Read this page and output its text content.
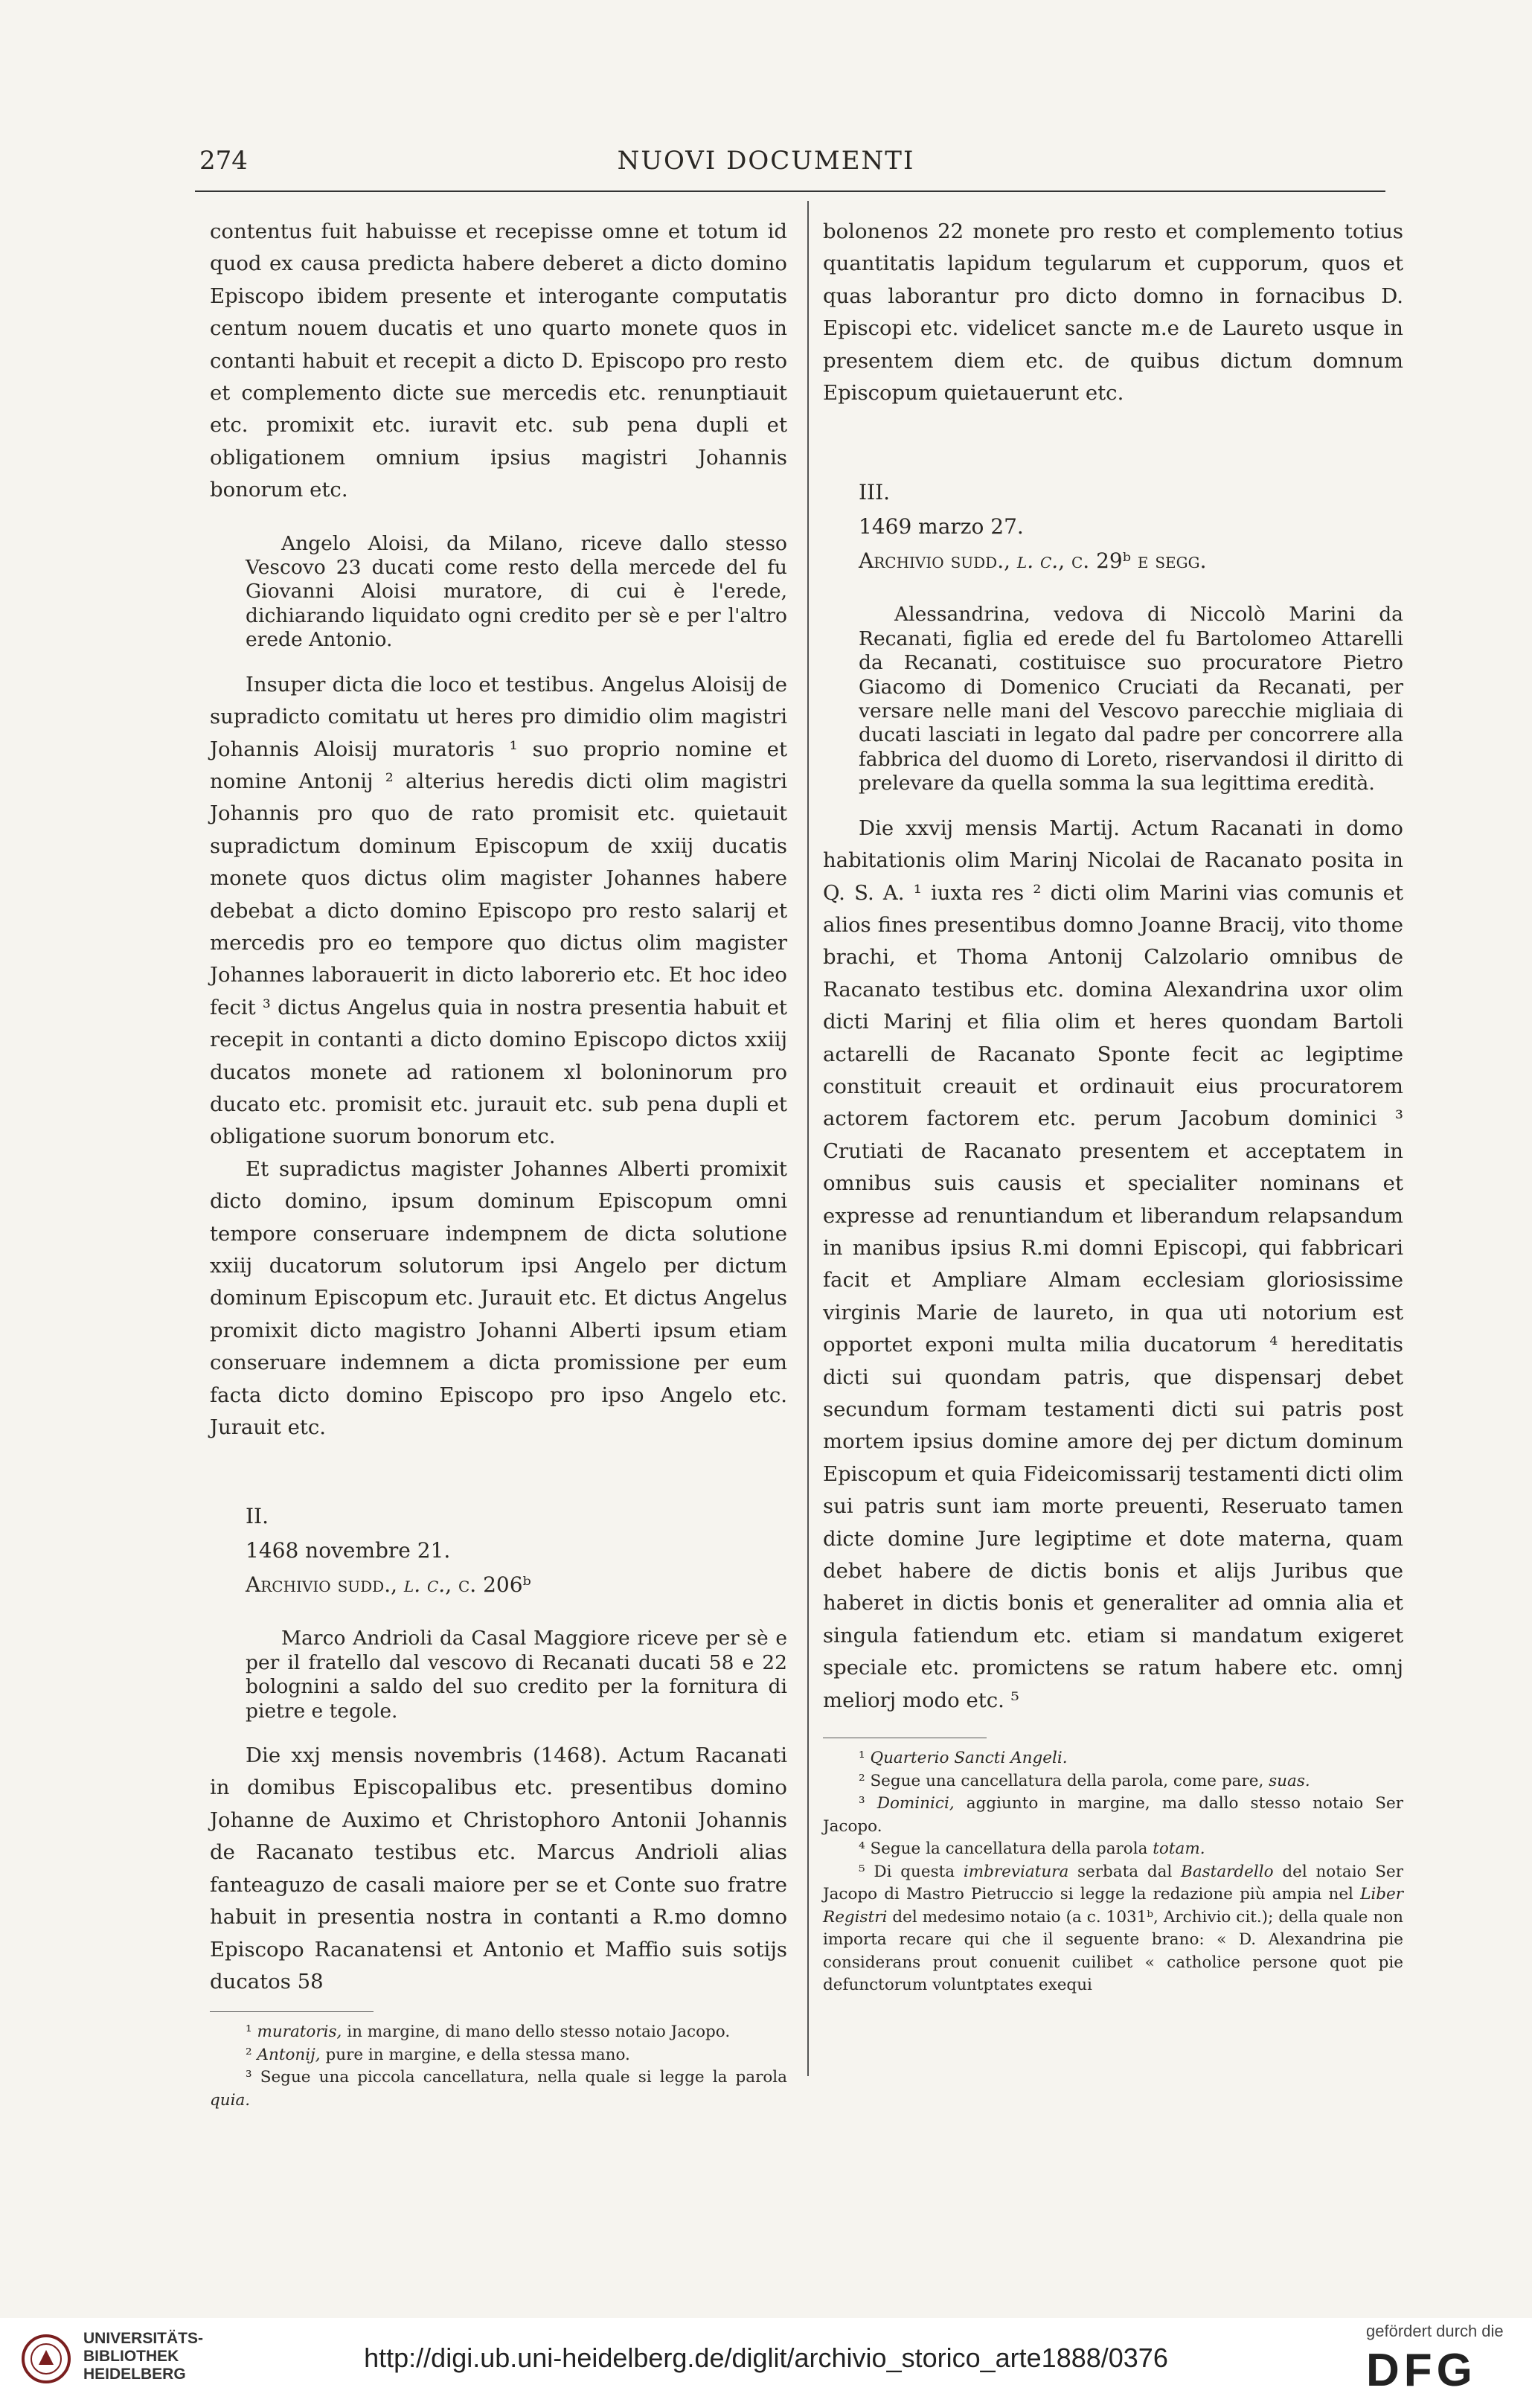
274	NUOVI DOCUMENTI

contentus fuit habuisse et recepisse omne et totum id quod ex causa predicta habere deberet a dicto domino Episcopo ibidem presente et interogante computatis centum nouem ducatis et uno quarto monete quos in contanti habuit et recepit a dicto D. Episcopo pro resto et complemento dicte sue mercedis etc. renunptiauit etc. promixit etc. iuravit etc. sub pena dupli et obligationem omnium ipsius magistri Johannis bonorum etc.

Angelo Aloisi, da Milano, riceve dallo stesso Vescovo 23 ducati come resto della mercede del fu Giovanni Aloisi muratore, di cui è l'erede, dichiarando liquidato ogni credito per sè e per l'altro erede Antonio.

Insuper dicta die loco et testibus. Angelus Aloisij de supradicto comitatu ut heres pro dimidio olim magistri Johannis Aloisij muratoris ¹ suo proprio nomine et nomine Antonij ² alterius heredis dicti olim magistri Johannis pro quo de rato promisit etc. quietauit supradictum dominum Episcopum de xxiij ducatis monete quos dictus olim magister Johannes habere debebat a dicto domino Episcopo pro resto salarij et mercedis pro eo tempore quo dictus olim magister Johannes laborauerit in dicto laborerio etc. Et hoc ideo fecit ³ dictus Angelus quia in nostra presentia habuit et recepit in contanti a dicto domino Episcopo dictos xxiij ducatos monete ad rationem xl boloninorum pro ducato etc. promisit etc. jurauit etc. sub pena dupli et obligatione suorum bonorum etc.

Et supradictus magister Johannes Alberti promixit dicto domino, ipsum dominum Episcopum omni tempore conseruare indempnem de dicta solutione xxiij ducatorum solutorum ipsi Angelo per dictum dominum Episcopum etc. Jurauit etc. Et dictus Angelus promixit dicto magistro Johanni Alberti ipsum etiam conseruare indemnem a dicta promissione per eum facta dicto domino Episcopo pro ipso Angelo etc. Jurauit etc.

II.

1468 novembre 21.

Archivio sudd., l. c., c. 206ᵇ

Marco Andrioli da Casal Maggiore riceve per sè e per il fratello dal vescovo di Recanati ducati 58 e 22 bolognini a saldo del suo credito per la fornitura di pietre e tegole.

Die xxj mensis novembris (1468). Actum Racanati in domibus Episcopalibus etc. presentibus domino Johanne de Auximo et Christophoro Antonii Johannis de Racanato testibus etc. Marcus Andrioli alias fanteaguzo de casali maiore per se et Conte suo fratre habuit in presentia nostra in contanti a R.mo domno Episcopo Racanatensi et Antonio et Maffio suis sotijs ducatos 58

¹ muratoris, in margine, di mano dello stesso notaio Jacopo.

² Antonij, pure in margine, e della stessa mano.

³ Segue una piccola cancellatura, nella quale si legge la parola quia.

bolonenos 22 monete pro resto et complemento totius quantitatis lapidum tegularum et cupporum, quos et quas laborantur pro dicto domno in fornacibus D. Episcopi etc. videlicet sancte m.e de Laureto usque in presentem diem etc. de quibus dictum domnum Episcopum quietauerunt etc.

III.

1469 marzo 27.

Archivio sudd., l. c., c. 29ᵇ e segg.

Alessandrina, vedova di Niccolò Marini da Recanati, figlia ed erede del fu Bartolomeo Attarelli da Recanati, costituisce suo procuratore Pietro Giacomo di Domenico Cruciati da Recanati, per versare nelle mani del Vescovo parecchie migliaia di ducati lasciati in legato dal padre per concorrere alla fabbrica del duomo di Loreto, riservandosi il diritto di prelevare da quella somma la sua legittima eredità.

Die xxvij mensis Martij. Actum Racanati in domo habitationis olim Marinj Nicolai de Racanato posita in Q. S. A. ¹ iuxta res ² dicti olim Marini vias comunis et alios fines presentibus domno Joanne Bracij, vito thome brachi, et Thoma Antonij Calzolario omnibus de Racanato testibus etc. domina Alexandrina uxor olim dicti Marinj et filia olim et heres quondam Bartoli actarelli de Racanato Sponte fecit ac legiptime constituit creauit et ordinauit eius procuratorem actorem factorem etc. perum Jacobum dominici ³ Crutiati de Racanato presentem et acceptatem in omnibus suis causis et specialiter nominans et expresse ad renuntiandum et liberandum relapsandum in manibus ipsius R.mi domni Episcopi, qui fabbricari facit et Ampliare Almam ecclesiam gloriosissime virginis Marie de laureto, in qua uti notorium est opportet exponi multa milia ducatorum ⁴ hereditatis dicti sui quondam patris, que dispensarj debet secundum formam testamenti dicti sui patris post mortem ipsius domine amore dej per dictum dominum Episcopum et quia Fideicomissarij testamenti dicti olim sui patris sunt iam morte preuenti, Reseruato tamen dicte domine Jure legiptime et dote materna, quam debet habere de dictis bonis et alijs Juribus que haberet in dictis bonis et generaliter ad omnia alia et singula fatiendum etc. etiam si mandatum exigeret speciale etc. promictens se ratum habere etc. omnj meliorj modo etc. ⁵

¹ Quarterio Sancti Angeli.

² Segue una cancellatura della parola, come pare, suas.

³ Dominici, aggiunto in margine, ma dallo stesso notaio Ser Jacopo.

⁴ Segue la cancellatura della parola totam.

⁵ Di questa imbreviatura serbata dal Bastardello del notaio Ser Jacopo di Mastro Pietruccio si legge la redazione più ampia nel Liber Registri del medesimo notaio (a c. 1031ᵇ, Archivio cit.); della quale non importa recare qui che il seguente brano: « D. Alexandrina pie considerans prout conuenit cuilibet « catholice persone quot pie defunctorum voluntptates exequi

UNIVERSITÄTS-
BIBLIOTHEK
HEIDELBERG
http://digi.ub.uni-heidelberg.de/diglit/archivio_storico_arte1888/0376
gefördert durch die
DFG
